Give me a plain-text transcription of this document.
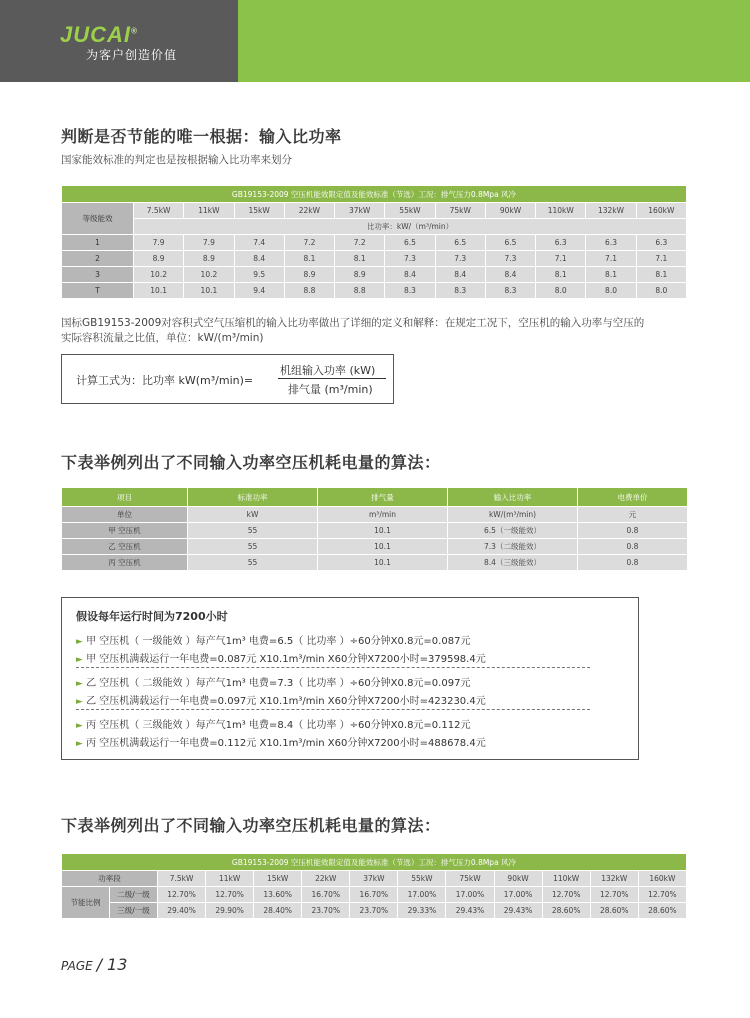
JUCAI®
为客户创造价值
判断是否节能的唯一根据：输入比功率
国家能效标准的判定也是按根据输入比功率来划分
GB19153-2009 空压机能效限定值及能效标准（节选）工况：排气压力0.8Mpa 风冷											
等级能效	7.5kW	11kW	15kW	22kW	37kW	55kW	75kW	90kW	110kW	132kW	160kW
	比功率：kW/（m³/min）										
1	7.9	7.9	7.4	7.2	7.2	6.5	6.5	6.5	6.3	6.3	6.3
2	8.9	8.9	8.4	8.1	8.1	7.3	7.3	7.3	7.1	7.1	7.1
3	10.2	10.2	9.5	8.9	8.9	8.4	8.4	8.4	8.1	8.1	8.1
T	10.1	10.1	9.4	8.8	8.8	8.3	8.3	8.3	8.0	8.0	8.0
国标GB19153-2009对容积式空气压缩机的输入比功率做出了详细的定义和解释：在规定工况下，空压机的输入功率与空压的
实际容积流量之比值，单位：kW/(m³/min)
计算工式为：比功率 kW(m³/min)=
机组输入功率 (kW)
排气量 (m³/min)
下表举例列出了不同输入功率空压机耗电量的算法：
项目	标准功率	排气量	输入比功率	电费单价
单位	kW	m³/min	kW/(m³/min)	元
甲 空压机	55	10.1	6.5（一级能效）	0.8
乙 空压机	55	10.1	7.3（二级能效）	0.8
丙 空压机	55	10.1	8.4（三级能效）	0.8
假设每年运行时间为7200小时
► 甲 空压机（ 一级能效 ）每产气1m³ 电费=6.5（ 比功率 ）÷60分钟X0.8元=0.087元
► 甲 空压机满载运行一年电费=0.087元 X10.1m³/min X60分钟X7200小时=379598.4元
► 乙 空压机（ 二级能效 ）每产气1m³ 电费=7.3（ 比功率 ）÷60分钟X0.8元=0.097元
► 乙 空压机满载运行一年电费=0.097元 X10.1m³/min X60分钟X7200小时=423230.4元
► 丙 空压机（ 三级能效 ）每产气1m³ 电费=8.4（ 比功率 ）÷60分钟X0.8元=0.112元
► 丙 空压机满载运行一年电费=0.112元 X10.1m³/min X60分钟X7200小时=488678.4元
下表举例列出了不同输入功率空压机耗电量的算法：
GB19153-2009 空压机能效限定值及能效标准（节选）工况：排气压力0.8Mpa 风冷												
功率段		7.5kW	11kW	15kW	22kW	37kW	55kW	75kW	90kW	110kW	132kW	160kW
节能比例	二级/一级	12.70%	12.70%	13.60%	16.70%	16.70%	17.00%	17.00%	17.00%	12.70%	12.70%	12.70%
	三级/一级	29.40%	29.90%	28.40%	23.70%	23.70%	29.33%	29.43%	29.43%	28.60%	28.60%	28.60%
PAGE / 13
